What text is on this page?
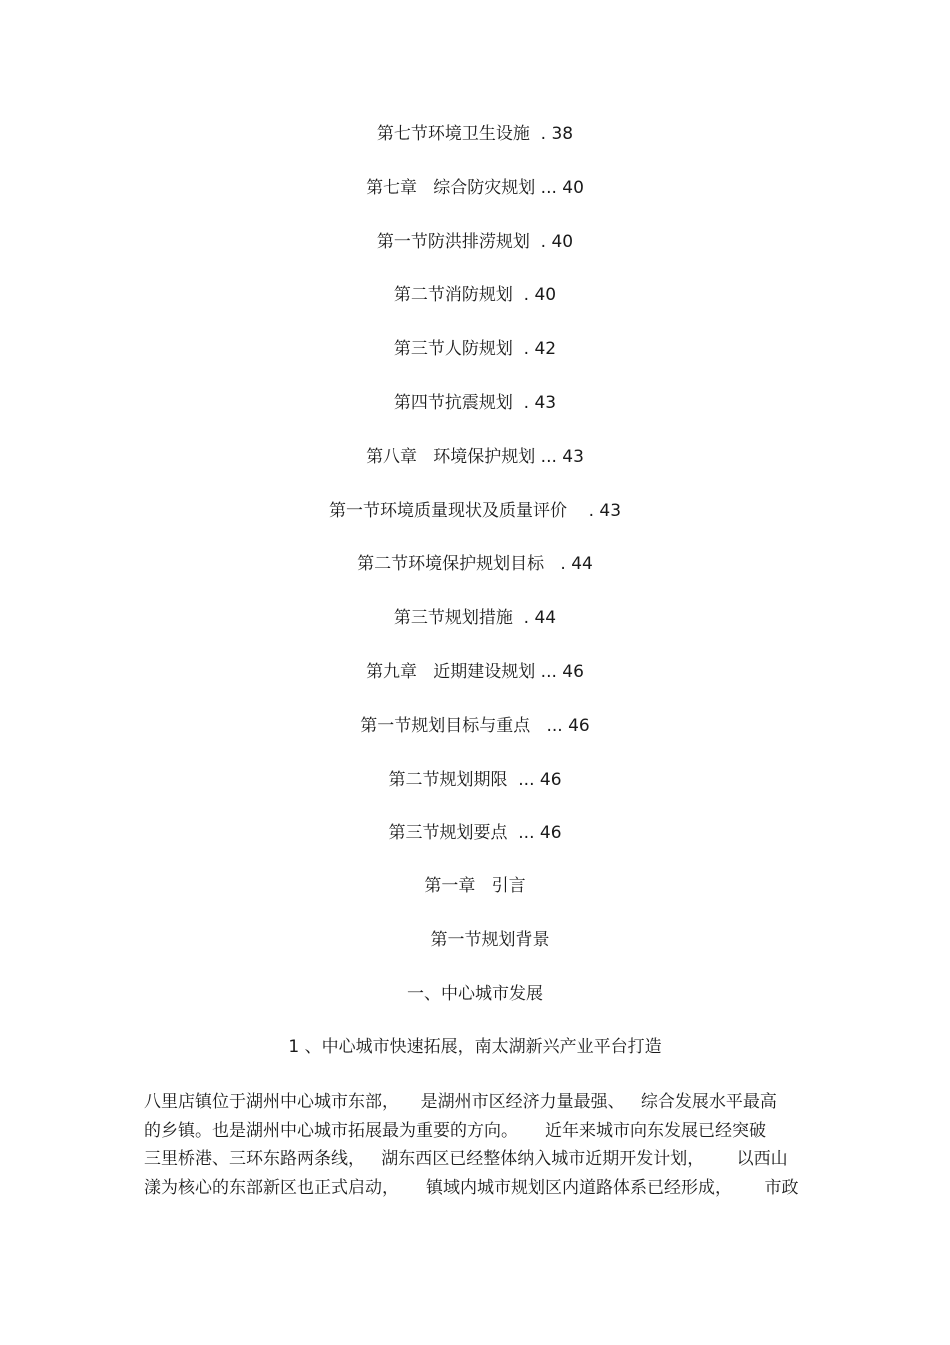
第七节环境卫生设施  . 38
第七章   综合防灾规划 ... 40
第一节防洪排涝规划  . 40
第二节消防规划  . 40
第三节人防规划  . 42
第四节抗震规划  . 43
第八章   环境保护规划 ... 43
第一节环境质量现状及质量评价    . 43
第二节环境保护规划目标   . 44
第三节规划措施  . 44
第九章   近期建设规划 ... 46
第一节规划目标与重点   ... 46
第二节规划期限  ... 46
第三节规划要点  ... 46
第一章   引言
第一节规划背景
一、中心城市发展
1 、中心城市快速拓展，南太湖新兴产业平台打造
八里店镇位于湖州中心城市东部，    是湖州市区经济力量最强、   综合发展水平最高
的乡镇。也是湖州中心城市拓展最为重要的方向。     近年来城市向东发展已经突破
三里桥港、三环东路两条线，   湖东西区已经整体纳入城市近期开发计划，      以西山
漾为核心的东部新区也正式启动，     镇域内城市规划区内道路体系已经形成，      市政
